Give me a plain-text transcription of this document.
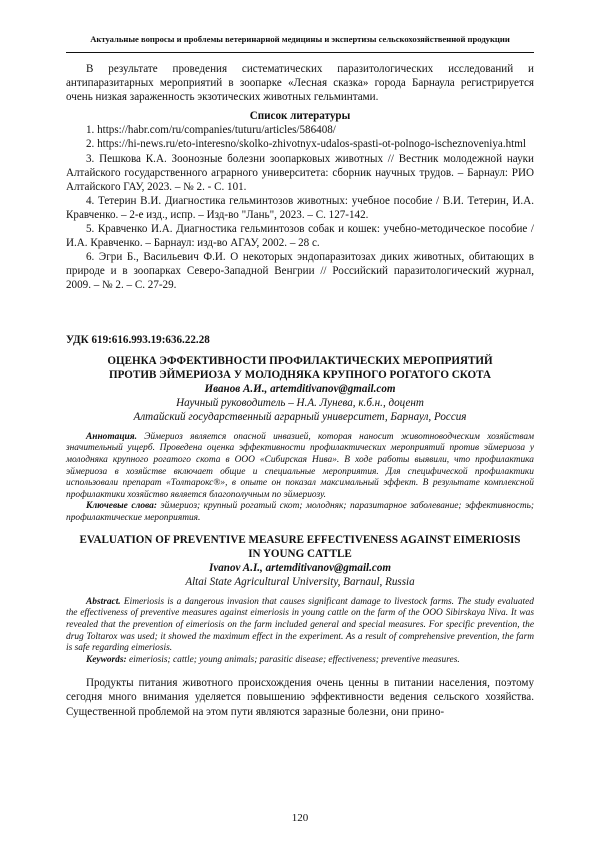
Актуальные вопросы и проблемы ветеринарной медицины и экспертизы сельскохозяйственной продукции

В результате проведения систематических паразитологических исследований и антипаразитарных мероприятий в зоопарке «Лесная сказка» города Барнаула регистрируется очень низкая зараженность экзотических животных гельминтами.

Список литературы

1. https://habr.com/ru/companies/tuturu/articles/586408/

2. https://hi-news.ru/eto-interesno/skolko-zhivotnyx-udalos-spasti-ot-polnogo-ischeznoveniya.html

3. Пешкова К.А. Зоонозные болезни зоопарковых животных // Вестник молодежной науки Алтайского государственного аграрного университета: сборник научных трудов. – Барнаул: РИО Алтайского ГАУ, 2023. – № 2. - С. 101.

4. Тетерин В.И. Диагностика гельминтозов животных: учебное пособие / В.И. Тетерин, И.А. Кравченко. – 2-е изд., испр. – Изд-во "Лань", 2023. – С. 127-142.

5. Кравченко И.А. Диагностика гельминтозов собак и кошек: учебно-методическое пособие / И.А. Кравченко. – Барнаул: изд-во АГАУ, 2002. – 28 с.

6. Эгри Б., Васильевич Ф.И. О некоторых эндопаразитозах диких животных, обитающих в природе и в зоопарках Северо-Западной Венгрии // Российский паразитологический журнал, 2009. – № 2. – С. 27-29.

УДК 619:616.993.19:636.22.28
ОЦЕНКА ЭФФЕКТИВНОСТИ ПРОФИЛАКТИЧЕСКИХ МЕРОПРИЯТИЙ
ПРОТИВ ЭЙМЕРИОЗА У МОЛОДНЯКА КРУПНОГО РОГАТОГО СКОТА
Иванов А.И., artemditivanov@gmail.com
Научный руководитель – Н.А. Лунева, к.б.н., доцент
Алтайский государственный аграрный университет, Барнаул, Россия

Аннотация. Эймериоз является опасной инвазией, которая наносит животноводческим хозяйствам значительный ущерб. Проведена оценка эффективности профилактических мероприятий против эймериоза у молодняка крупного рогатого скота в ООО «Сибирская Нива». В ходе работы выявили, что профилактика эймериоза в хозяйстве включает общие и специальные мероприятия. Для специфической профилактики использовали препарат «Толтарокс®», в опыте он показал максимальный эффект. В результате комплексной профилактики хозяйство является благополучным по эймериозу.

Ключевые слова: эймериоз; крупный рогатый скот; молодняк; паразитарное заболевание; эффективность; профилактические мероприятия.

EVALUATION OF PREVENTIVE MEASURE EFFECTIVENESS AGAINST EIMERIOSIS
IN YOUNG CATTLE
Ivanov A.I., artemditivanov@gmail.com
Altai State Agricultural University, Barnaul, Russia

Abstract. Eimeriosis is a dangerous invasion that causes significant damage to livestock farms. The study evaluated the effectiveness of preventive measures against eimeriosis in young cattle on the farm of the OOO Sibirskaya Niva. It was revealed that the prevention of eimeriosis on the farm included general and special measures. For specific prevention, the drug Toltarox was used; it showed the maximum effect in the experiment. As a result of comprehensive prevention, the farm is safe regarding eimeriosis.

Keywords: eimeriosis; cattle; young animals; parasitic disease; effectiveness; preventive measures.

Продукты питания животного происхождения очень ценны в питании населения, поэтому сегодня много внимания уделяется повышению эффективности ведения сельского хозяйства. Существенной проблемой на этом пути являются заразные болезни, они прино-

120
